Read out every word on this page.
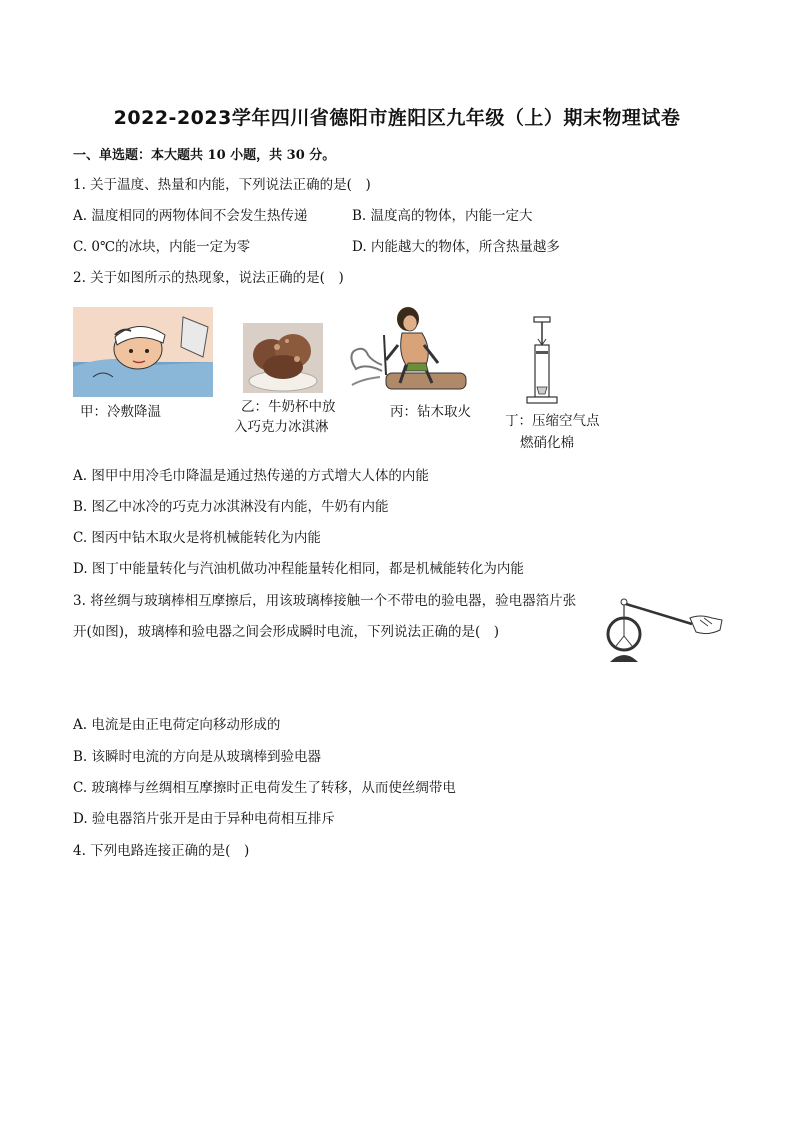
2022-2023学年四川省德阳市旌阳区九年级（上）期末物理试卷
一、单选题：本大题共 10 小题，共 30 分。
1. 关于温度、热量和内能，下列说法正确的是(　)
A. 温度相同的两物体间不会发生热传递	B. 温度高的物体，内能一定大
C. 0℃的冰块，内能一定为零	D. 内能越大的物体，所含热量越多
2. 关于如图所示的热现象，说法正确的是(　)
甲：冷敷降温	乙：牛奶杯中放
入巧克力冰淇淋
丙：钻木取火
丁：压缩空气点
燃硝化棉
A. 图甲中用冷毛巾降温是通过热传递的方式增大人体的内能
B. 图乙中冰冷的巧克力冰淇淋没有内能，牛奶有内能
C. 图丙中钻木取火是将机械能转化为内能
D. 图丁中能量转化与汽油机做功冲程能量转化相同，都是机械能转化为内能
3. 将丝绸与玻璃棒相互摩擦后，用该玻璃棒接触一个不带电的验电器，验电器箔片张
开(如图)，玻璃棒和验电器之间会形成瞬时电流，下列说法正确的是(　)
A. 电流是由正电荷定向移动形成的
B. 该瞬时电流的方向是从玻璃棒到验电器
C. 玻璃棒与丝绸相互摩擦时正电荷发生了转移，从而使丝绸带电
D. 验电器箔片张开是由于异种电荷相互排斥
4. 下列电路连接正确的是(　)
